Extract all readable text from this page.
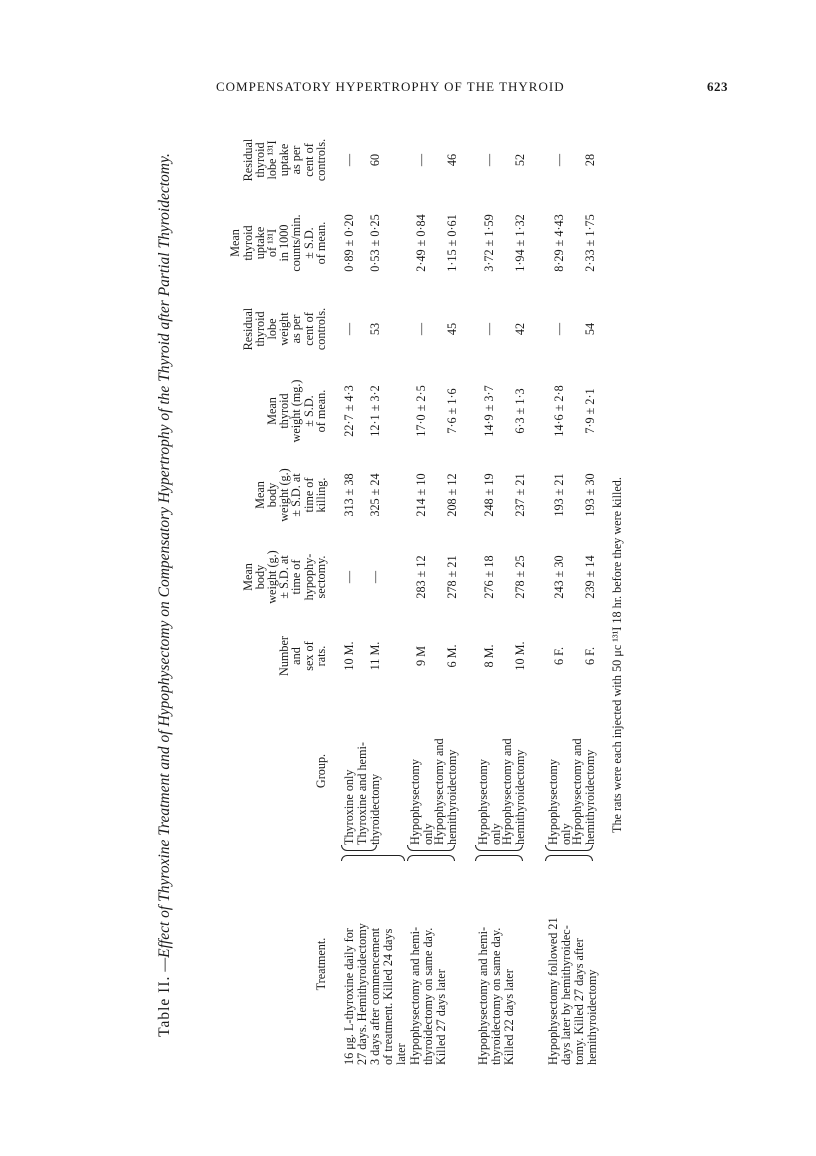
COMPENSATORY HYPERTROPHY OF THE THYROID	623
Table II.—Effect of Thyroxine Treatment and of Hypophysectomy on Compensatory Hypertrophy of the Thyroid after Partial Thyroidectomy.	Treatment.
Group.
Number
and
sex of
rats.
Mean
body
weight (g.)
± S.D. at
time of
hypophy-
sectomy.
Mean
body
weight (g.)
± S.D. at
time of
killing.
Mean
thyroid
weight (mg.)
± S.D.
of mean.
Residual
thyroid
lobe
weight
as per
cent of
controls.
Mean
thyroid
uptake
of ¹³¹I
in 1000
counts/min.
± S.D.
of mean.
Residual
thyroid
lobe ¹³¹I
uptake
as per
cent of
controls.
16 μg. L-thyroxine daily for 27 days. Hemithyroidectomy 3 days after commencement of treatment. Killed 24 days later
Thyroxine only
10 M.
—
313 ± 38
22·7 ± 4·3
—
0·89 ± 0·20
—
Thyroxine and hemi-
thyroidectomy
11 M.
—
325 ± 24
12·1 ± 3·2
53
0·53 ± 0·25
60
Hypophysectomy and hemi- thyroidectomy on same day. Killed 27 days later
Hypophysectomy
only
9 M
283 ± 12
214 ± 10
17·0 ± 2·5
—
2·49 ± 0·84
—
Hypophysectomy and
hemithyroidectomy
6 M.
278 ± 21
208 ± 12
7·6 ± 1·6
45
1·15 ± 0·61
46
Hypophysectomy and hemi- thyroidectomy on same day. Killed 22 days later
Hypophysectomy
only
8 M.
276 ± 18
248 ± 19
14·9 ± 3·7
—
3·72 ± 1·59
—
Hypophysectomy and
hemithyroidectomy
10 M.
278 ± 25
237 ± 21
6·3 ± 1·3
42
1·94 ± 1·32
52
Hypophysectomy followed 21 days later by hemithyroidec- tomy. Killed 27 days after hemithyroidectomy
Hypophysectomy
only
6 F.
243 ± 30
193 ± 21
14·6 ± 2·8
—
8·29 ± 4·43
—
Hypophysectomy and
hemithyroidectomy
6 F.
239 ± 14
193 ± 30
7·9 ± 2·1
54
2·33 ± 1·75
28
The rats were each injected with 50 μc ¹³¹I 18 hr. before they were killed.
